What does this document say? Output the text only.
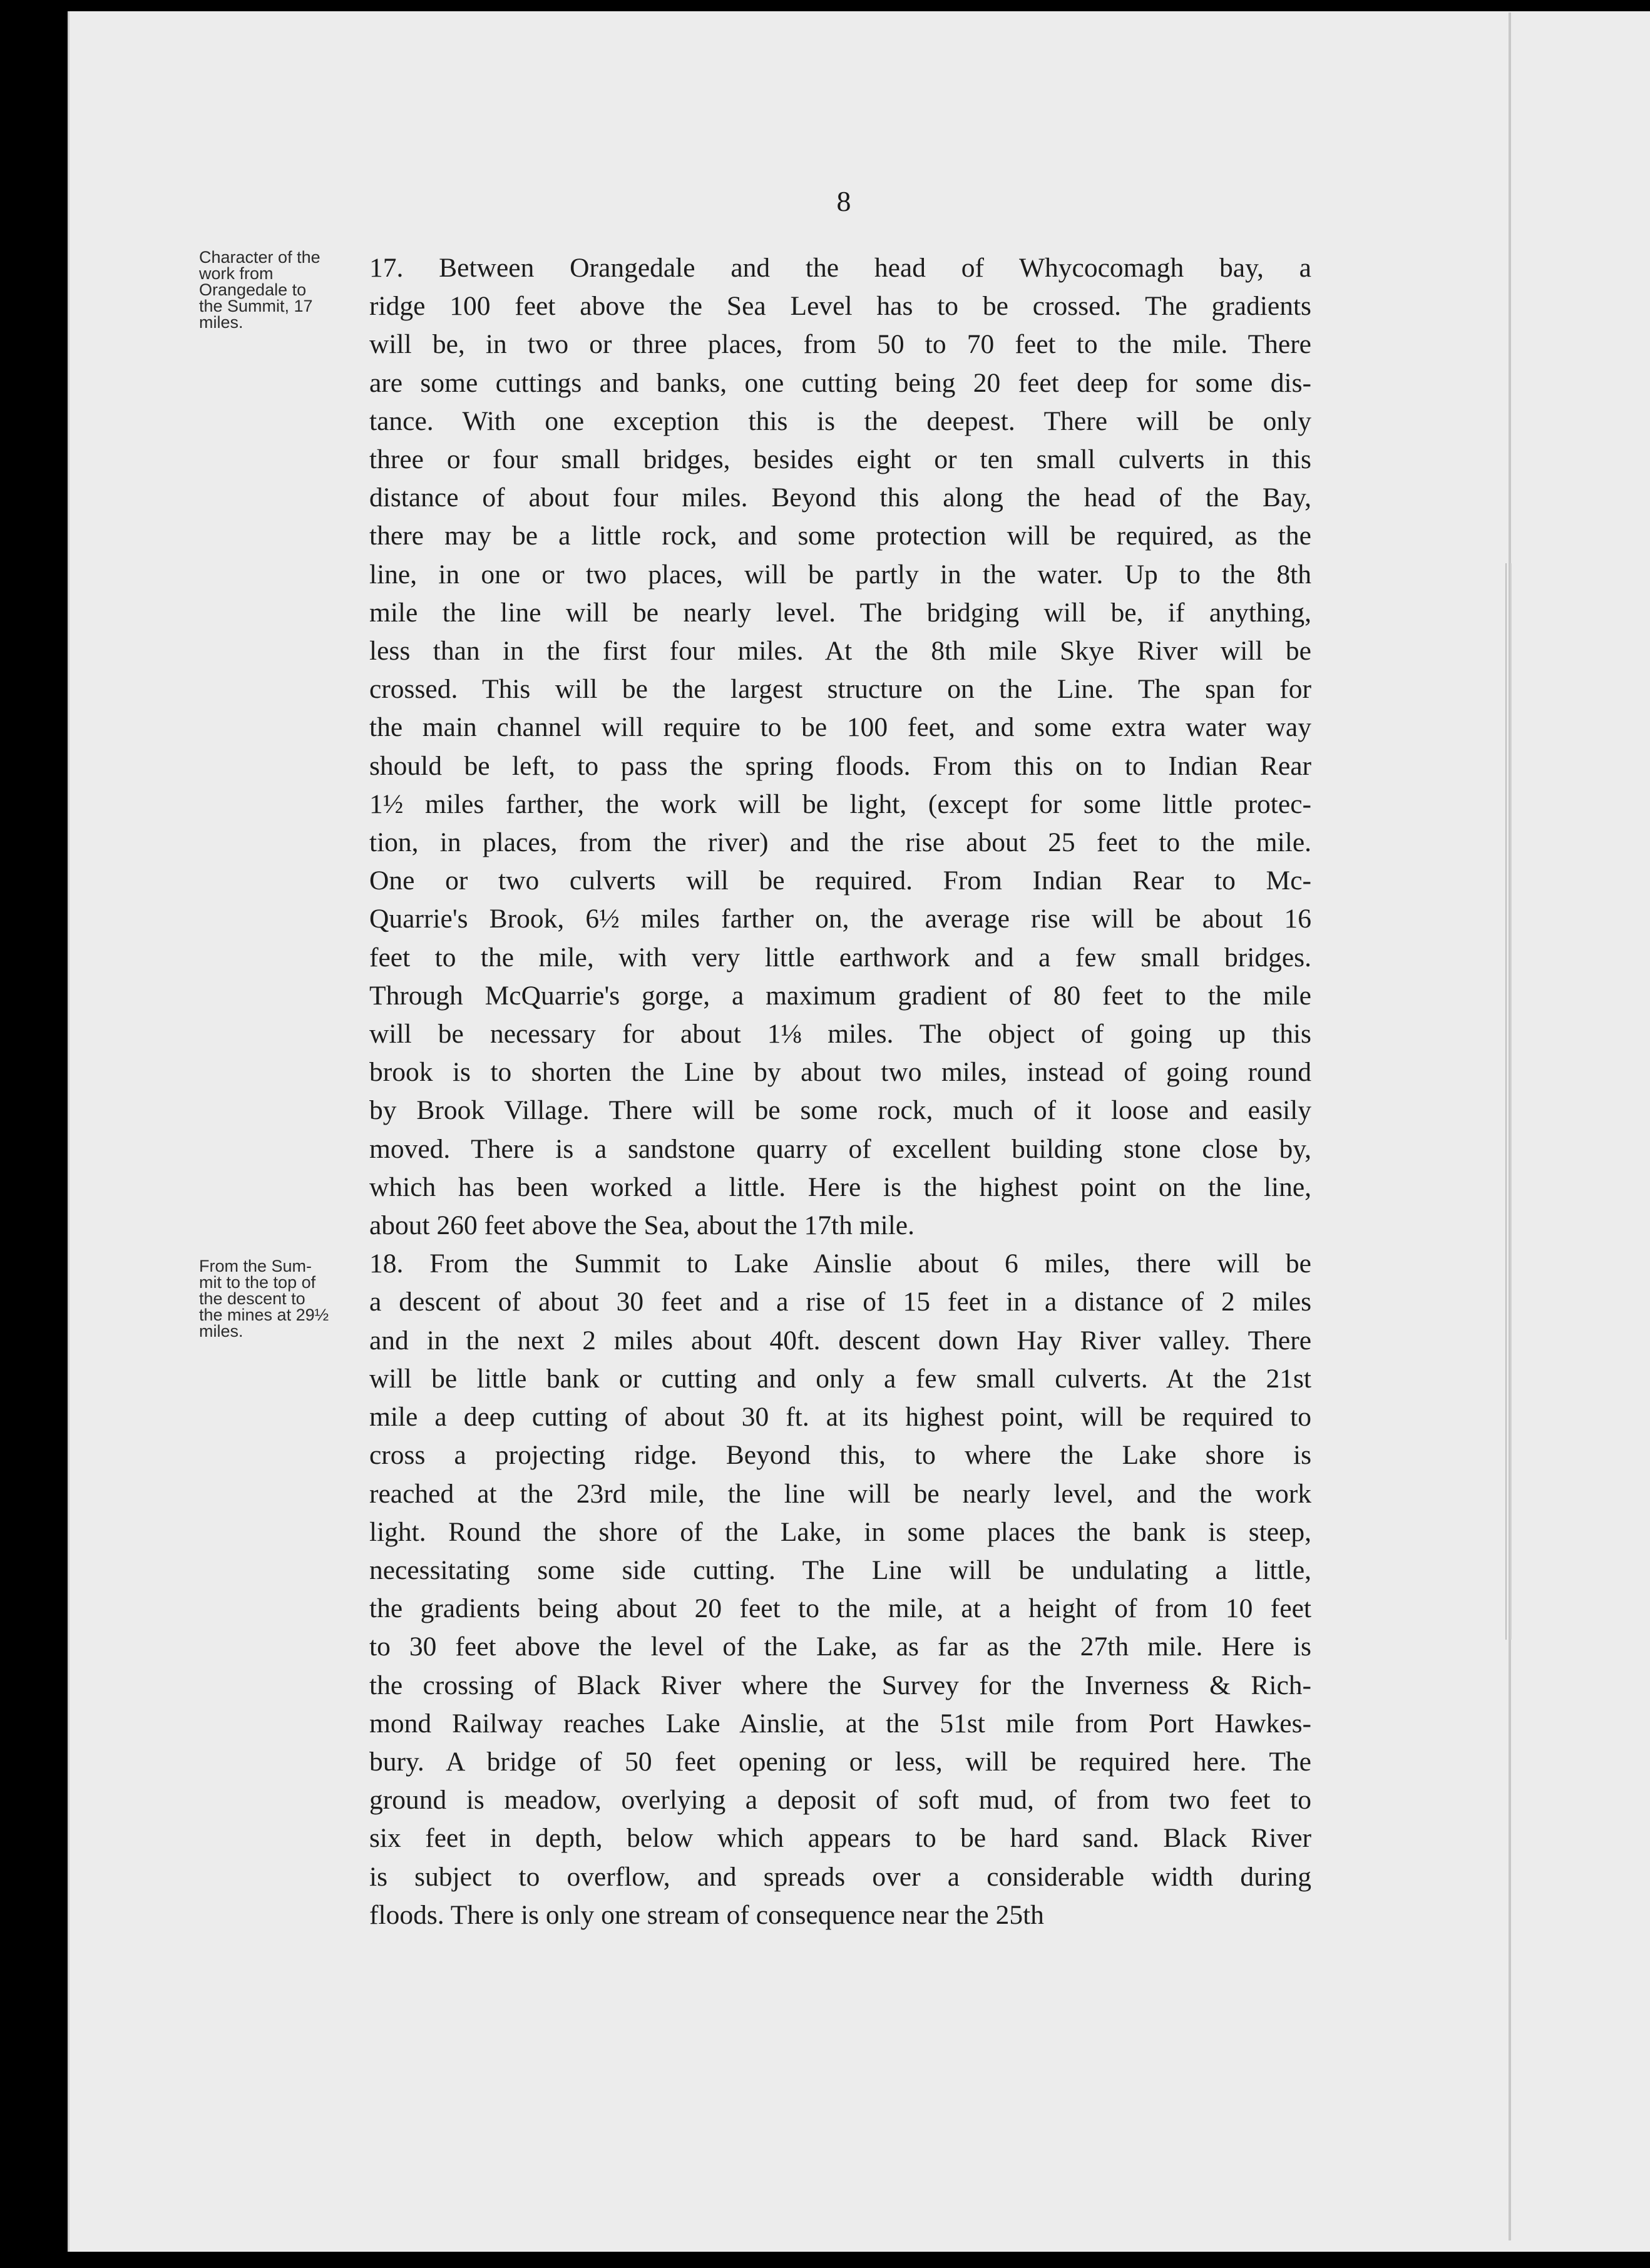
8
Character of the
work from
Orangedale to
the Summit, 17
miles.
From the Sum-
mit to the top of
the descent to
the mines at 29½
miles.
17. Between Orangedale and the head of Whycocomagh bay, a
ridge 100 feet above the Sea Level has to be crossed. The gradients
will be, in two or three places, from 50 to 70 feet to the mile. There
are some cuttings and banks, one cutting being 20 feet deep for some dis-
tance. With one exception this is the deepest. There will be only
three or four small bridges, besides eight or ten small culverts in this
distance of about four miles. Beyond this along the head of the Bay,
there may be a little rock, and some protection will be required, as the
line, in one or two places, will be partly in the water. Up to the 8th
mile the line will be nearly level. The bridging will be, if anything,
less than in the first four miles. At the 8th mile Skye River will be
crossed. This will be the largest structure on the Line. The span for
the main channel will require to be 100 feet, and some extra water way
should be left, to pass the spring floods. From this on to Indian Rear
1½ miles farther, the work will be light, (except for some little protec-
tion, in places, from the river) and the rise about 25 feet to the mile.
One or two culverts will be required. From Indian Rear to Mc-
Quarrie's Brook, 6½ miles farther on, the average rise will be about 16
feet to the mile, with very little earthwork and a few small bridges.
Through McQuarrie's gorge, a maximum gradient of 80 feet to the mile
will be necessary for about 1⅛ miles. The object of going up this
brook is to shorten the Line by about two miles, instead of going round
by Brook Village. There will be some rock, much of it loose and easily
moved. There is a sandstone quarry of excellent building stone close by,
which has been worked a little. Here is the highest point on the line,
about 260 feet above the Sea, about the 17th mile.
18. From the Summit to Lake Ainslie about 6 miles, there will be
a descent of about 30 feet and a rise of 15 feet in a distance of 2 miles
and in the next 2 miles about 40ft. descent down Hay River valley. There
will be little bank or cutting and only a few small culverts. At the 21st
mile a deep cutting of about 30 ft. at its highest point, will be required to
cross a projecting ridge. Beyond this, to where the Lake shore is
reached at the 23rd mile, the line will be nearly level, and the work
light. Round the shore of the Lake, in some places the bank is steep,
necessitating some side cutting. The Line will be undulating a little,
the gradients being about 20 feet to the mile, at a height of from 10 feet
to 30 feet above the level of the Lake, as far as the 27th mile. Here is
the crossing of Black River where the Survey for the Inverness & Rich-
mond Railway reaches Lake Ainslie, at the 51st mile from Port Hawkes-
bury. A bridge of 50 feet opening or less, will be required here. The
ground is meadow, overlying a deposit of soft mud, of from two feet to
six feet in depth, below which appears to be hard sand. Black River
is subject to overflow, and spreads over a considerable width during
floods. There is only one stream of consequence near the 25th
